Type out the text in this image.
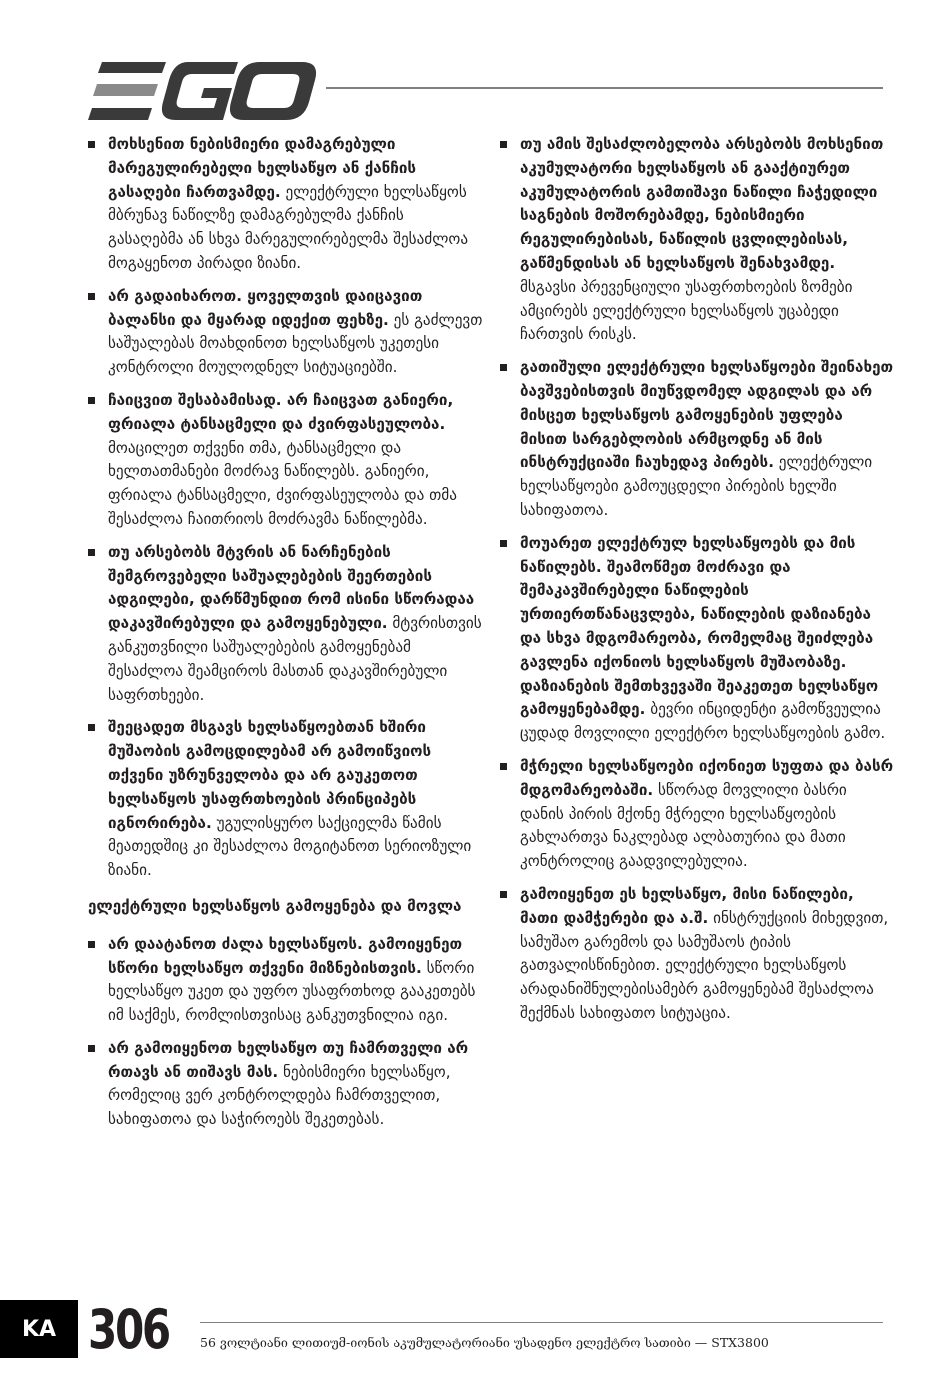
მოხსენით ნებისმიერი დამაგრებული მარეგულირებელი ხელსაწყო ან ქანჩის გასაღები ჩართვამდე. ელექტრული ხელსაწყოს მბრუნავ ნაწილზე დამაგრებულმა ქანჩის გასაღებმა ან სხვა მარეგულირებელმა შესაძლოა მოგაყენოთ პირადი ზიანი.
არ გადაიხაროთ. ყოველთვის დაიცავით ბალანსი და მყარად იდექით ფეხზე. ეს გაძლევთ საშუალებას მოახდინოთ ხელსაწყოს უკეთესი კონტროლი მოულოდნელ სიტუაციებში.
ჩაიცვით შესაბამისად. არ ჩაიცვათ განიერი, ფრიალა ტანსაცმელი და ძვირფასეულობა. მოაცილეთ თქვენი თმა, ტანსაცმელი და ხელთათმანები მოძრავ ნაწილებს. განიერი, ფრიალა ტანსაცმელი, ძვირფასეულობა და თმა შესაძლოა ჩაითრიოს მოძრავმა ნაწილებმა.
თუ არსებობს მტვრის ან ნარჩენების შემგროვებელი საშუალებების შეერთების ადგილები, დარწმუნდით რომ ისინი სწორადაა დაკავშირებული და გამოყენებული. მტვრისთვის განკუთვნილი საშუალებების გამოყენებამ შესაძლოა შეამციროს მასთან დაკავშირებული საფრთხეები.
შეეცადეთ მსგავს ხელსაწყოებთან ხშირი მუშაობის გამოცდილებამ არ გამოიწვიოს თქვენი უზრუნველობა და არ გაუკეთოთ ხელსაწყოს უსაფრთხოების პრინციპებს იგნორირება. უგულისყურო საქციელმა წამის მეათედშიც კი შესაძლოა მოგიტანოთ სერიოზული ზიანი.
ელექტრული ხელსაწყოს გამოყენება და მოვლა
არ დაატანოთ ძალა ხელსაწყოს. გამოიყენეთ სწორი ხელსაწყო თქვენი მიზნებისთვის. სწორი ხელსაწყო უკეთ და უფრო უსაფრთხოდ გააკეთებს იმ საქმეს, რომლისთვისაც განკუთვნილია იგი.
არ გამოიყენოთ ხელსაწყო თუ ჩამრთველი არ რთავს ან თიშავს მას. ნებისმიერი ხელსაწყო, რომელიც ვერ კონტროლდება ჩამრთველით, სახიფათოა და საჭიროებს შეკეთებას.
თუ ამის შესაძლობელობა არსებობს მოხსენით აკუმულატორი ხელსაწყოს ან გააქტიურეთ აკუმულატორის გამთიშავი ნაწილი ჩაჭედილი საგნების მოშორებამდე, ნებისმიერი რეგულირებისას, ნაწილის ცვლილებისას, გაწმენდისას ან ხელსაწყოს შენახვამდე. მსგავსი პრევენციული უსაფრთხოების ზომები ამცირებს ელექტრული ხელსაწყოს უცაბედი ჩართვის რისკს.
გათიშული ელექტრული ხელსაწყოები შეინახეთ ბავშვებისთვის მიუწვდომელ ადგილას და არ მისცეთ ხელსაწყოს გამოყენების უფლება მისით სარგებლობის არმცოდნე ან მის ინსტრუქციაში ჩაუხედავ პირებს. ელექტრული ხელსაწყოები გამოუცდელი პირების ხელში სახიფათოა.
მოუარეთ ელექტრულ ხელსაწყოებს და მის ნაწილებს. შეამოწმეთ მოძრავი და შემაკავშირებელი ნაწილების ურთიერთწანაცვლება, ნაწილების დაზიანება და სხვა მდგომარეობა, რომელმაც შეიძლება გავლენა იქონიოს ხელსაწყოს მუშაობაზე. დაზიანების შემთხვევაში შეაკეთეთ ხელსაწყო გამოყენებამდე. ბევრი ინციდენტი გამოწვეულია ცუდად მოვლილი ელექტრო ხელსაწყოების გამო.
მჭრელი ხელსაწყოები იქონიეთ სუფთა და ბასრ მდგომარეობაში. სწორად მოვლილი ბასრი დანის პირის მქონე მჭრელი ხელსაწყოების გახლართვა ნაკლებად ალბათურია და მათი კონტროლიც გაადვილებულია.
გამოიყენეთ ეს ხელსაწყო, მისი ნაწილები, მათი დამჭერები და ა.შ. ინსტრუქციის მიხედვით, სამუშაო გარემოს და სამუშაოს ტიპის გათვალისწინებით. ელექტრული ხელსაწყოს არადანიშნულებისამებრ გამოყენებამ შესაძლოა შექმნას სახიფათო სიტუაცია.
KA 306 56 ვოლტიანი ლითიუმ-იონის აკუმულატორიანი უსადენო ელექტრო სათიბი — STX3800
